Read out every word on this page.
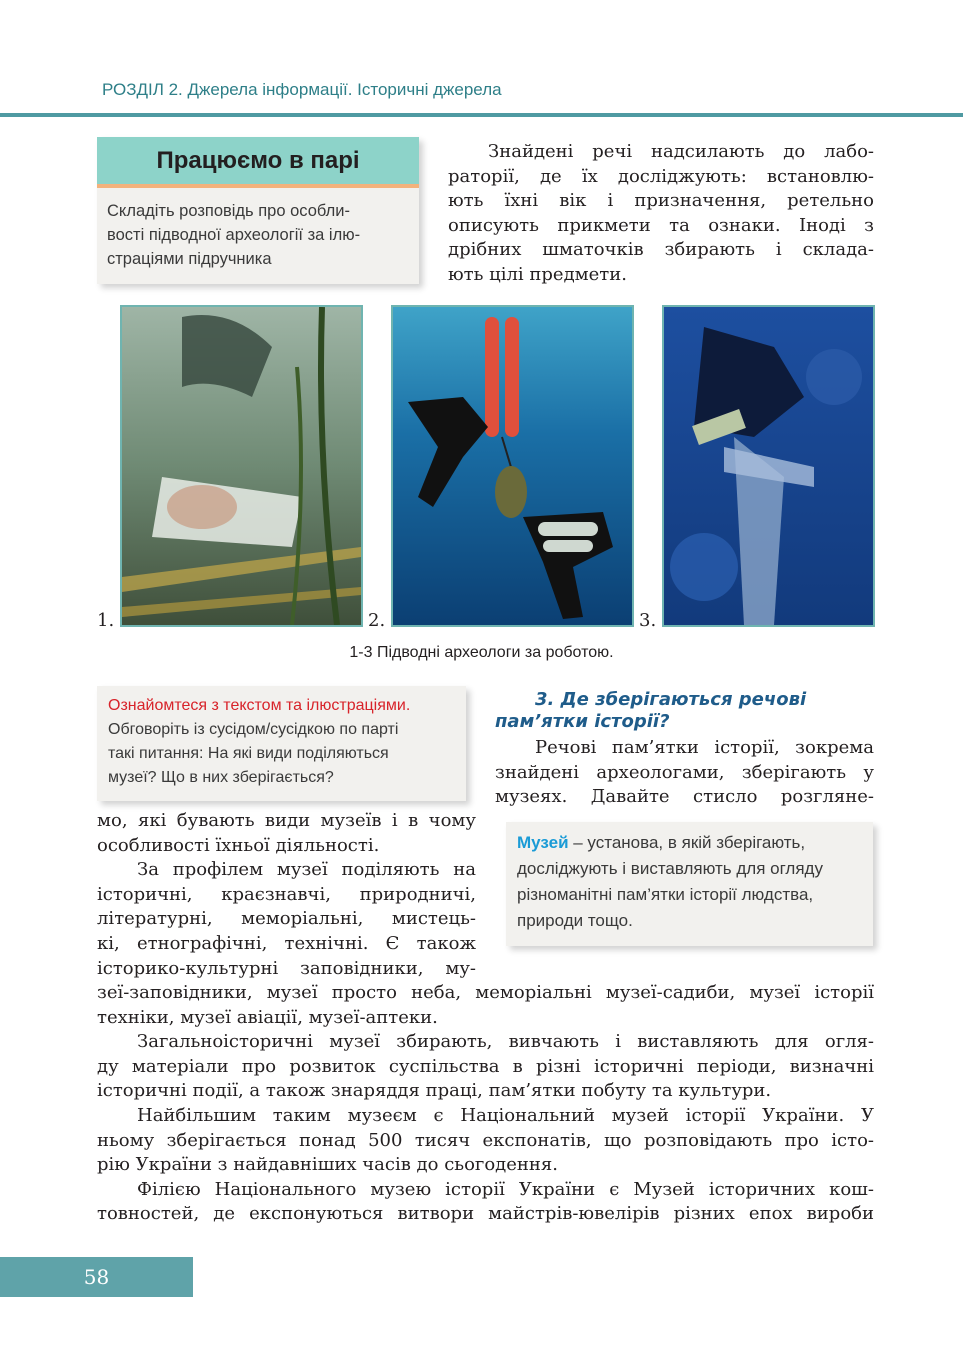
РОЗДІЛ 2. Джерела інформації. Історичні джерела
Працюємо в парі
Складіть розповідь про особли-
вості підводної археології за ілю-
страціями підручника
Знайдені речі надсилають до лабо-
раторії, де їх досліджують: встановлю-
ють їхні вік і призначення, ретельно
описують прикмети та ознаки. Іноді з
дрібних шматочків збирають і склада-
ють цілі предмети.
1.	2.	3.
1-3 Підводні археологи за роботою.
Ознайомтеся з текстом та ілюстраціями.
Обговоріть із сусідом/сусідкою по парті
такі питання: На які види поділяються
музеї? Що в них зберігається?
3. Де зберігаються речові
пам’ятки історії?
Речові пам’ятки історії, зокрема
знайдені археологами, зберігають у
музеях. Давайте стисло розгляне-
мо, які бувають види музеїв і в чому
особливості їхньої діяльності.
За профілем музеї поділяють на
історичні, краєзнавчі, природничі,
літературні, меморіальні, мистець-
кі, етнографічні, технічні. Є також
історико-культурні заповідники, му-
Музей – установа, в якій зберігають, досліджують і виставляють для огляду різноманітні пам’ятки історії людства, природи тощо.
зеї-заповідники, музеї просто неба, меморіальні музеї-садиби, музеї історії
техніки, музеї авіації, музеї-аптеки.
Загальноісторичні музеї збирають, вивчають і виставляють для огля-
ду матеріали про розвиток суспільства в різні історичні періоди, визначні
історичні події, а також знаряддя праці, пам’ятки побуту та культури.
Найбільшим таким музеєм є Національний музей історії України. У
ньому зберігається понад 500 тисяч експонатів, що розповідають про істо-
рію України з найдавніших часів до сьогодення.
Філією Національного музею історії України є Музей історичних кош-
товностей, де експонуються витвори майстрів-ювелірів різних епох вироби
58
